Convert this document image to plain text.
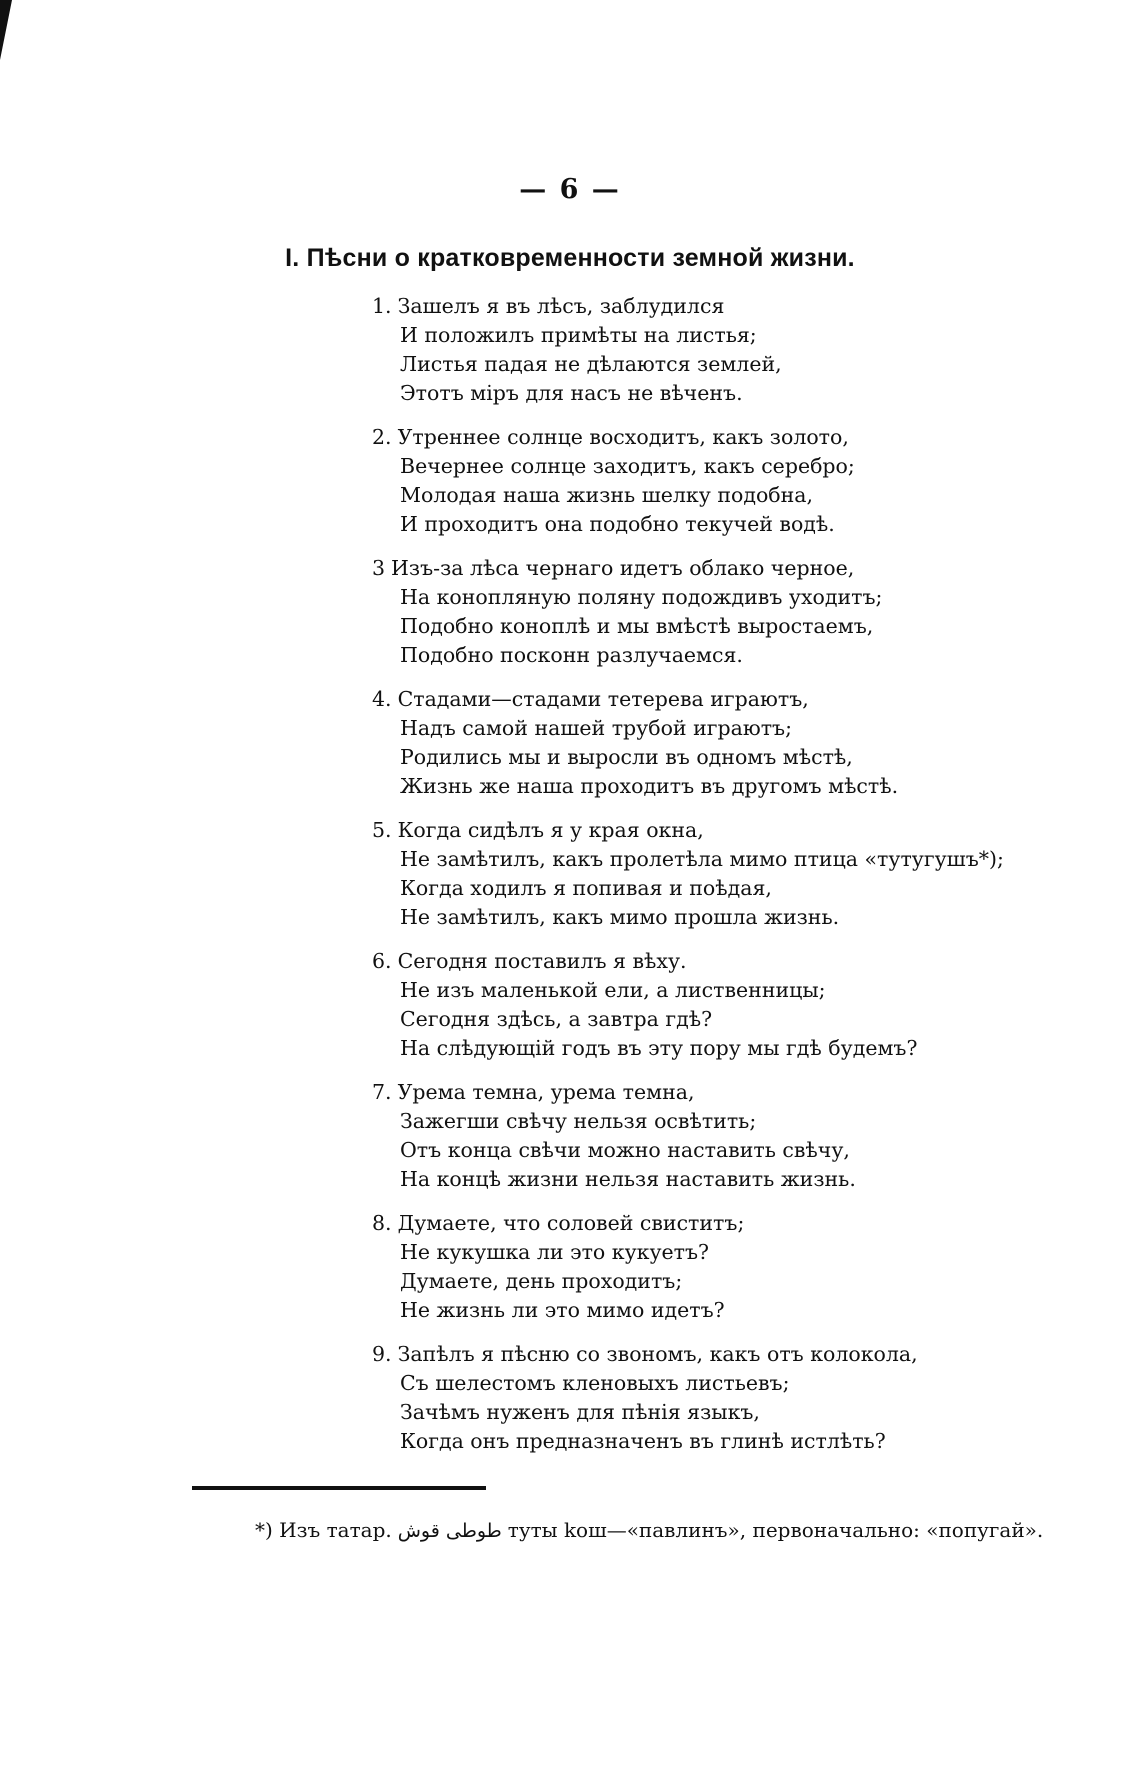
— 6 —
I. Пѣсни о кратковременности земной жизни.
1. Зашелъ я въ лѣсъ, заблудился
И положилъ примѣты на листья;
Листья падая не дѣлаются землей,
Этотъ міръ для насъ не вѣченъ.
2. Утреннее солнце восходитъ, какъ золото,
Вечернее солнце заходитъ, какъ серебро;
Молодая наша жизнь шелку подобна,
И проходитъ она подобно текучей водѣ.
3 Изъ-за лѣса чернаго идетъ облако черное,
На конопляную поляну подождивъ уходитъ;
Подобно коноплѣ и мы вмѣстѣ выростаемъ,
Подобно посконн разлучаемся.
4. Стадами—стадами тетерева играютъ,
Надъ самой нашей трубой играютъ;
Родились мы и выросли въ одномъ мѣстѣ,
Жизнь же наша проходитъ въ другомъ мѣстѣ.
5. Когда сидѣлъ я у края окна,
Не замѣтилъ, какъ пролетѣла мимо птица «тутугушъ*);
Когда ходилъ я попивая и поѣдая,
Не замѣтилъ, какъ мимо прошла жизнь.
6. Сегодня поставилъ я вѣху.
Не изъ маленькой ели, а лиственницы;
Сегодня здѣсь, а завтра гдѣ?
На слѣдующій годъ въ эту пору мы гдѣ будемъ?
7. Урема темна, урема темна,
Зажегши свѣчу нельзя освѣтить;
Отъ конца свѣчи можно наставить свѣчу,
На концѣ жизни нельзя наставить жизнь.
8. Думаете, что соловей свиститъ;
Не кукушка ли это кукуетъ?
Думаете, день проходитъ;
Не жизнь ли это мимо идетъ?
9. Запѣлъ я пѣсню со звономъ, какъ отъ колокола,
Съ шелестомъ кленовыхъ листьевъ;
Зачѣмъ нуженъ для пѣнія языкъ,
Когда онъ предназначенъ въ глинѣ истлѣть?
*) Изъ татар. طوطى قوش туты kош—«павлинъ», первоначально: «попугай».
